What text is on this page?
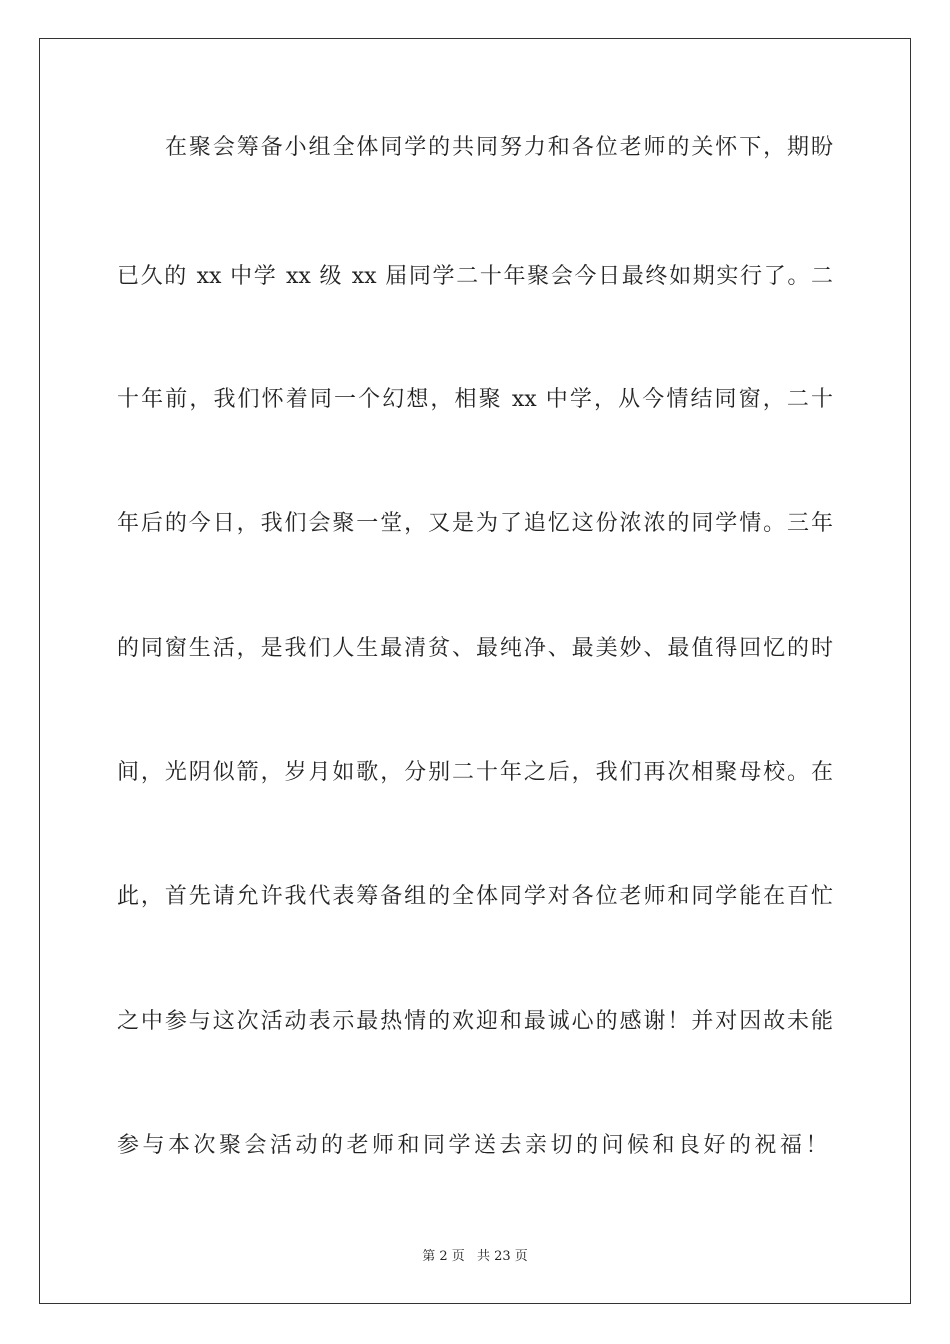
在聚会筹备小组全体同学的共同努力和各位老师的关怀下，期盼
已久的 xx 中学 xx 级 xx 届同学二十年聚会今日最终如期实行了。二
十年前，我们怀着同一个幻想，相聚 xx 中学，从今情结同窗，二十
年后的今日，我们会聚一堂，又是为了追忆这份浓浓的同学情。三年
的同窗生活，是我们人生最清贫、最纯净、最美妙、最值得回忆的时
间，光阴似箭，岁月如歌，分别二十年之后，我们再次相聚母校。在
此，首先请允许我代表筹备组的全体同学对各位老师和同学能在百忙
之中参与这次活动表示最热情的欢迎和最诚心的感谢！并对因故未能
参与本次聚会活动的老师和同学送去亲切的问候和良好的祝福！
第 2 页 共 23 页
